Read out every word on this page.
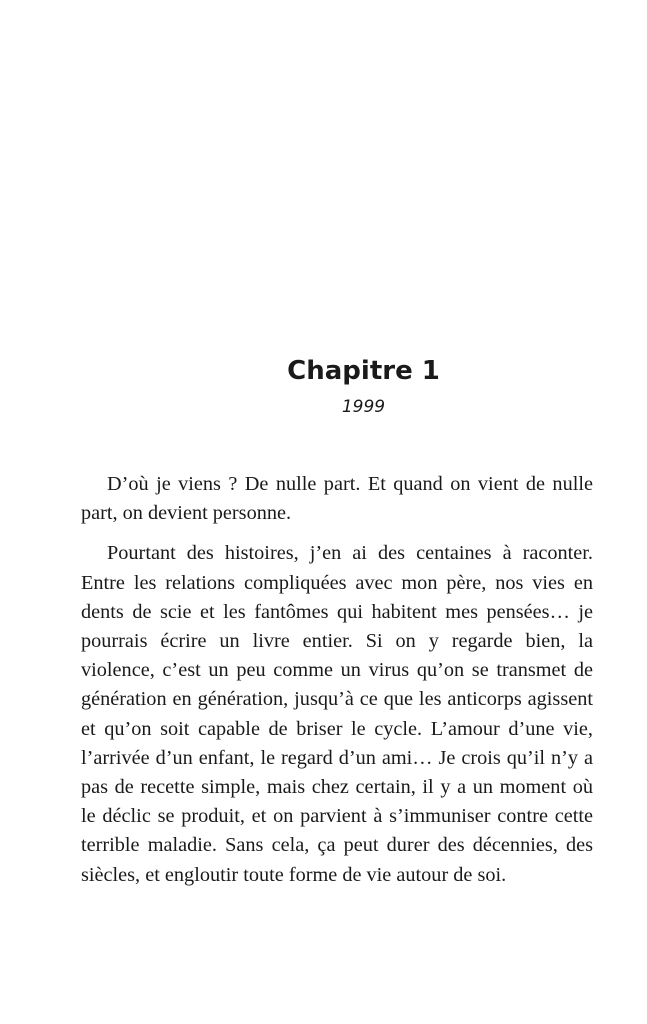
Chapitre 1
1999

D’où je viens ? De nulle part. Et quand on vient de nulle part, on devient personne.

Pourtant des histoires, j’en ai des centaines à raconter. Entre les relations compliquées avec mon père, nos vies en dents de scie et les fantômes qui habitent mes pensées… je pourrais écrire un livre entier. Si on y regarde bien, la violence, c’est un peu comme un virus qu’on se transmet de génération en génération, jusqu’à ce que les anticorps agissent et qu’on soit capable de briser le cycle. L’amour d’une vie, l’arrivée d’un enfant, le regard d’un ami… Je crois qu’il n’y a pas de recette simple, mais chez certain, il y a un moment où le déclic se produit, et on parvient à s’immuniser contre cette terrible maladie. Sans cela, ça peut durer des décennies, des siècles, et engloutir toute forme de vie autour de soi.
